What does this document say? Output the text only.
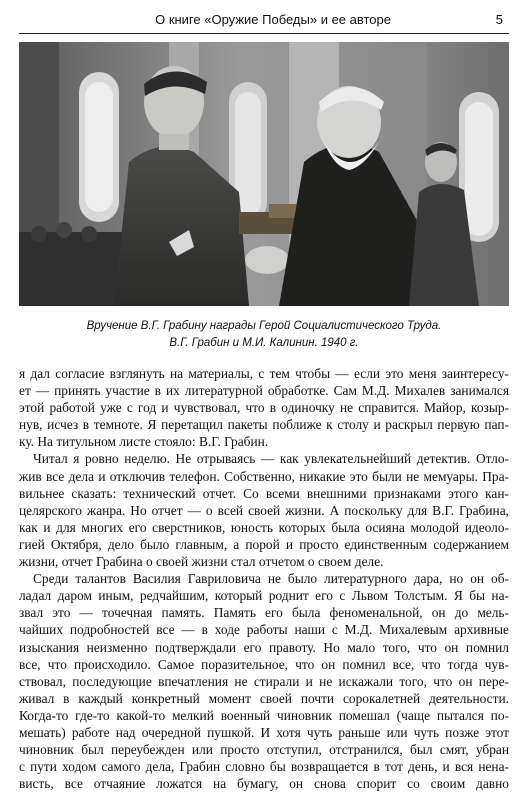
О книге «Оружие Победы» и ее авторе	5
Вручение В.Г. Грабину награды Герой Социалистического Труда.
В.Г. Грабин и М.И. Калинин. 1940 г.
я дал согласие взглянуть на материалы, с тем чтобы — если это меня заинтересу-
ет — принять участие в их литературной обработке. Сам М.Д. Михалев занимался
этой работой уже с год и чувствовал, что в одиночку не справится. Майор, козыр-
нув, исчез в темноте. Я перетащил пакеты поближе к столу и раскрыл первую пап-
ку. На титульном листе стояло: В.Г. Грабин.
Читал я ровно неделю. Не отрываясь — как увлекательнейший детектив. Отло-
жив все дела и отключив телефон. Собственно, никакие это были не мемуары. Пра-
вильнее сказать: технический отчет. Со всеми внешними признаками этого кан-
целярского жанра. Но отчет — о всей своей жизни. А поскольку для В.Г. Грабина,
как и для многих его сверстников, юность которых была осияна молодой идеоло-
гией Октября, дело было главным, а порой и просто единственным содержанием
жизни, отчет Грабина о своей жизни стал отчетом о своем деле.
Среди талантов Василия Гавриловича не было литературного дара, но он об-
ладал даром иным, редчайшим, который роднит его с Львом Толстым. Я бы на-
звал это — точечная память. Память его была феноменальной, он до мель-
чайших подробностей все — в ходе работы наши с М.Д. Михалевым архивные
изыскания неизменно подтверждали его правоту. Но мало того, что он помнил
все, что происходило. Самое поразительное, что он помнил все, что тогда чув-
ствовал, последующие впечатления не стирали и не искажали того, что он пере-
живал в каждый конкретный момент своей почти сорокалетней деятельности.
Когда-то где-то какой-то мелкий военный чиновник помешал (чаще пытался по-
мешать) работе над очередной пушкой. И хотя чуть раньше или чуть позже этот
чиновник был переубежден или просто отступил, отстранился, был смят, убран
с пути ходом самого дела, Грабин словно бы возвращается в тот день, и вся нена-
висть, все отчаяние ложатся на бумагу, он снова спорит со своим давно
